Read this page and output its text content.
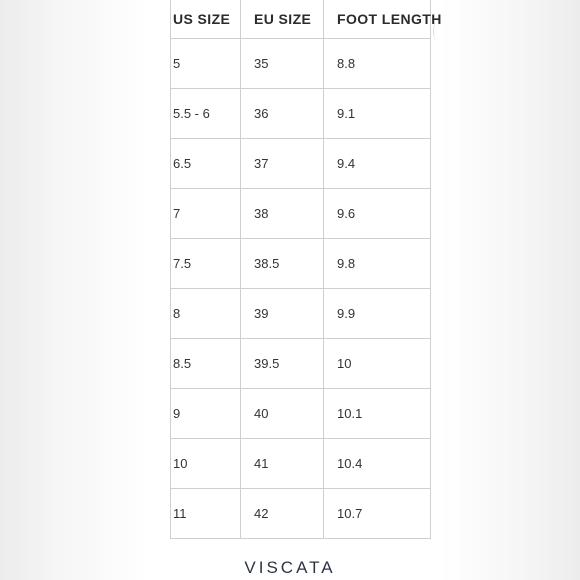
US SIZE	EU SIZE	FOOT LENGTH
5	35	8.8
5.5 - 6	36	9.1
6.5	37	9.4
7	38	9.6
7.5	38.5	9.8
8	39	9.9
8.5	39.5	10
9	40	10.1
10	41	10.4
11	42	10.7
VISCATA
